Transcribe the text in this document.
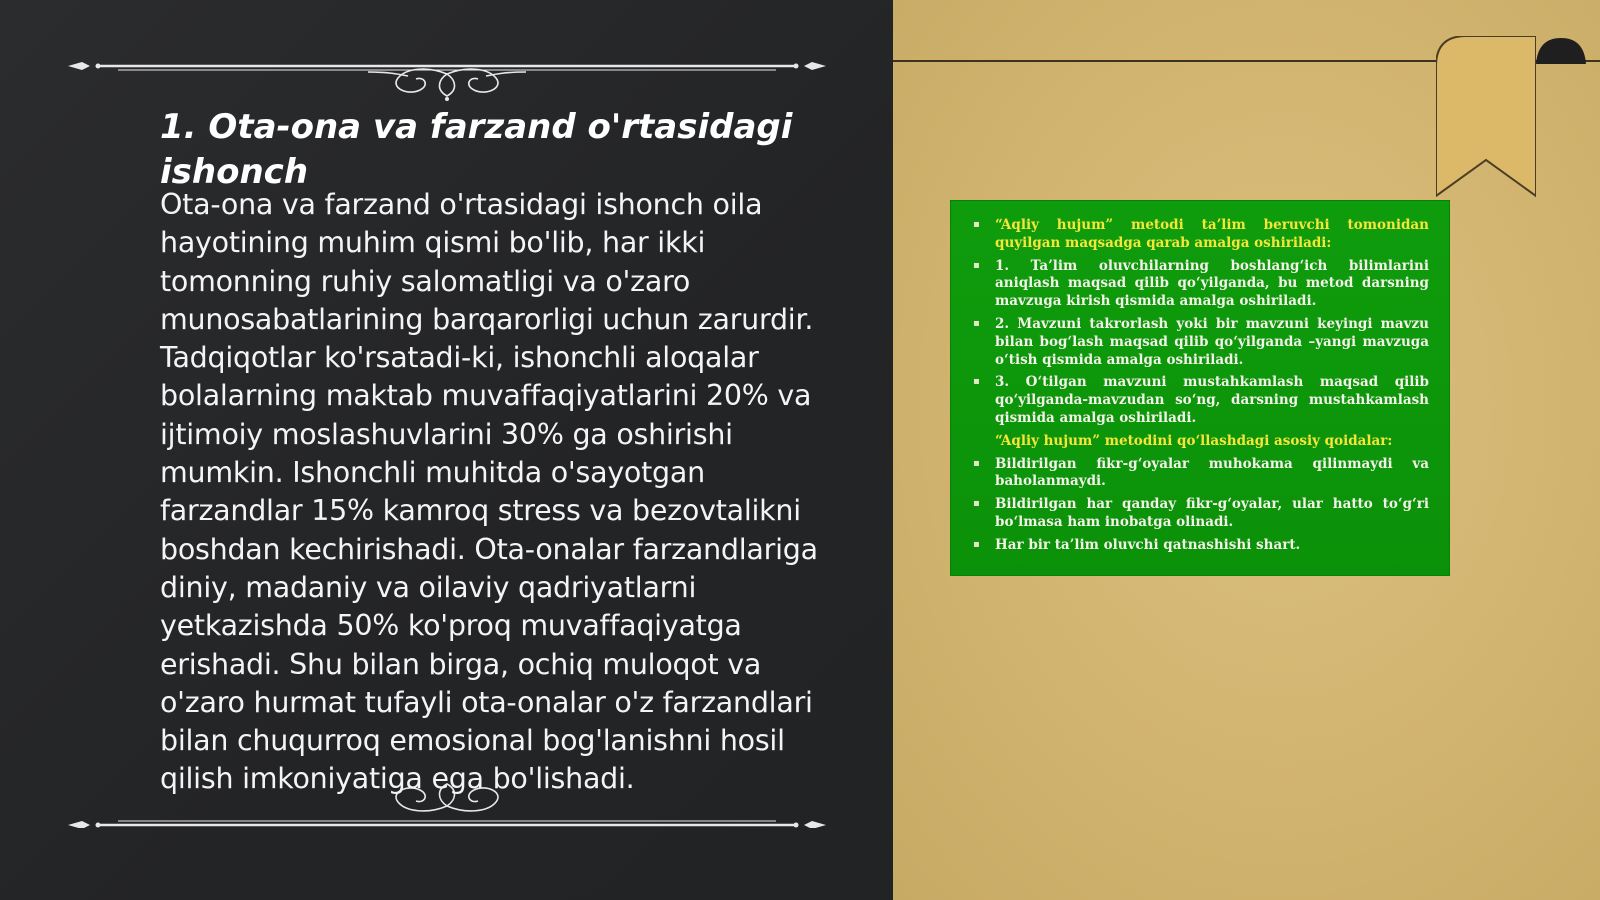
1. Ota-ona va farzand o'rtasidagi ishonch

Ota-ona va farzand o'rtasidagi ishonch oila hayotining muhim qismi bo'lib, har ikki tomonning ruhiy salomatligi va o'zaro munosabatlarining barqarorligi uchun zarurdir. Tadqiqotlar ko'rsatadi-ki, ishonchli aloqalar bolalarning maktab muvaffaqiyatlarini 20% va ijtimoiy moslashuvlarini 30% ga oshirishi mumkin. Ishonchli muhitda o'sayotgan farzandlar 15% kamroq stress va bezovtalikni boshdan kechirishadi. Ota-onalar farzandlariga diniy, madaniy va oilaviy qadriyatlarni yetkazishda 50% ko'proq muvaffaqiyatga erishadi. Shu bilan birga, ochiq muloqot va o'zaro hurmat tufayli ota-onalar o'z farzandlari bilan chuqurroq emosional bog'lanishni hosil qilish imkoniyatiga ega bo'lishadi.

▪ “Aqliy hujum” metodi ta’lim beruvchi tomonidan quyilgan maqsadga qarab amalga oshiriladi:
▪ 1. Ta’lim oluvchilarning boshlang‘ich bilimlarini aniqlash maqsad qilib qo‘yilganda, bu metod darsning mavzuga kirish qismida amalga oshiriladi.
▪ 2. Mavzuni takrorlash yoki bir mavzuni keyingi mavzu bilan bog‘lash maqsad qilib qo‘yilganda –yangi mavzuga o‘tish qismida amalga oshiriladi.
▪ 3. O‘tilgan mavzuni mustahkamlash maqsad qilib qo‘yilganda-mavzudan so‘ng, darsning mustahkamlash qismida amalga oshiriladi.
“Aqliy hujum” metodini qo‘llashdagi asosiy qoidalar:
▪ Bildirilgan fikr-g‘oyalar muhokama qilinmaydi va baholanmaydi.
▪ Bildirilgan har qanday fikr-g‘oyalar, ular hatto to‘g‘ri bo‘lmasa ham inobatga olinadi.
▪ Har bir ta’lim oluvchi qatnashishi shart.
